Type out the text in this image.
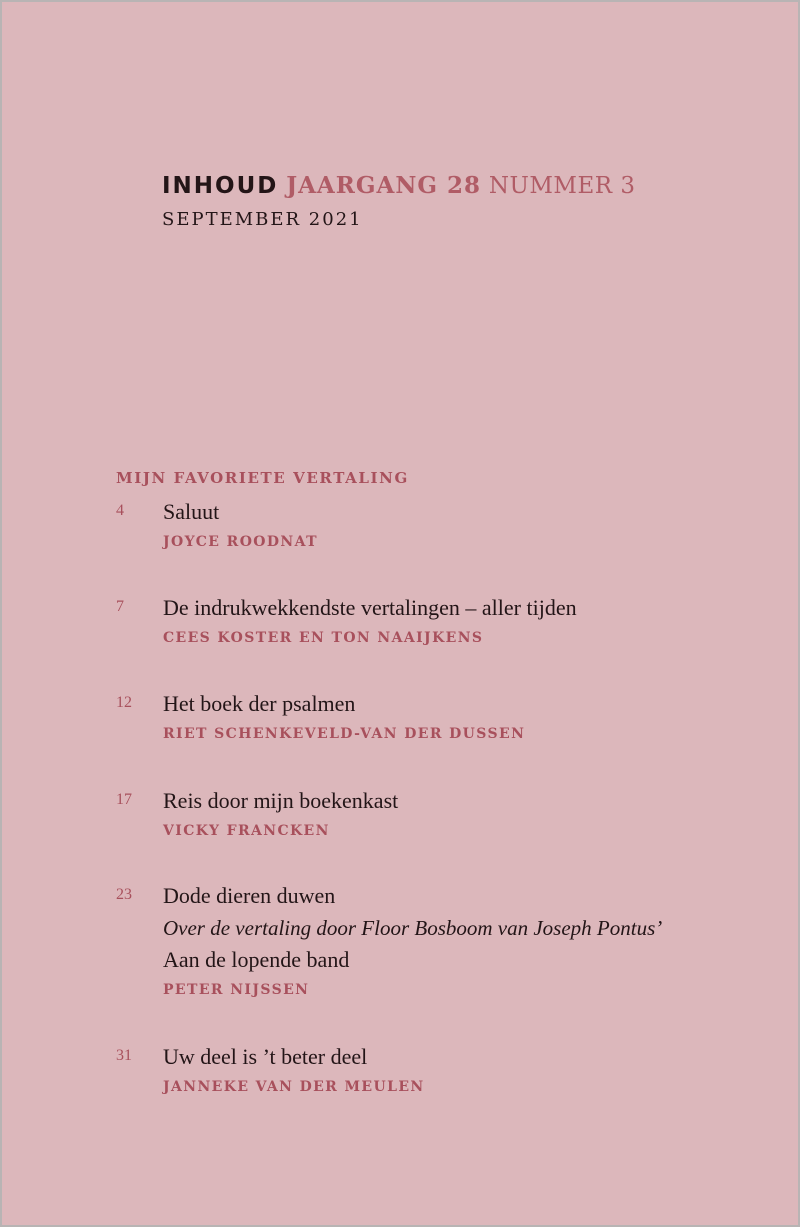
INHOUD JAARGANG 28 NUMMER 3
SEPTEMBER 2021
MIJN FAVORIETE VERTALING
4 Saluut
JOYCE ROODNAT
7 De indrukwekkendste vertalingen – aller tijden
CEES KOSTER EN TON NAAIJKENS
12 Het boek der psalmen
RIET SCHENKEVELD-VAN DER DUSSEN
17 Reis door mijn boekenkast
VICKY FRANCKEN
23 Dode dieren duwen
Over de vertaling door Floor Bosboom van Joseph Pontus’
Aan de lopende band
PETER NIJSSEN
31 Uw deel is ’t beter deel
JANNEKE VAN DER MEULEN
